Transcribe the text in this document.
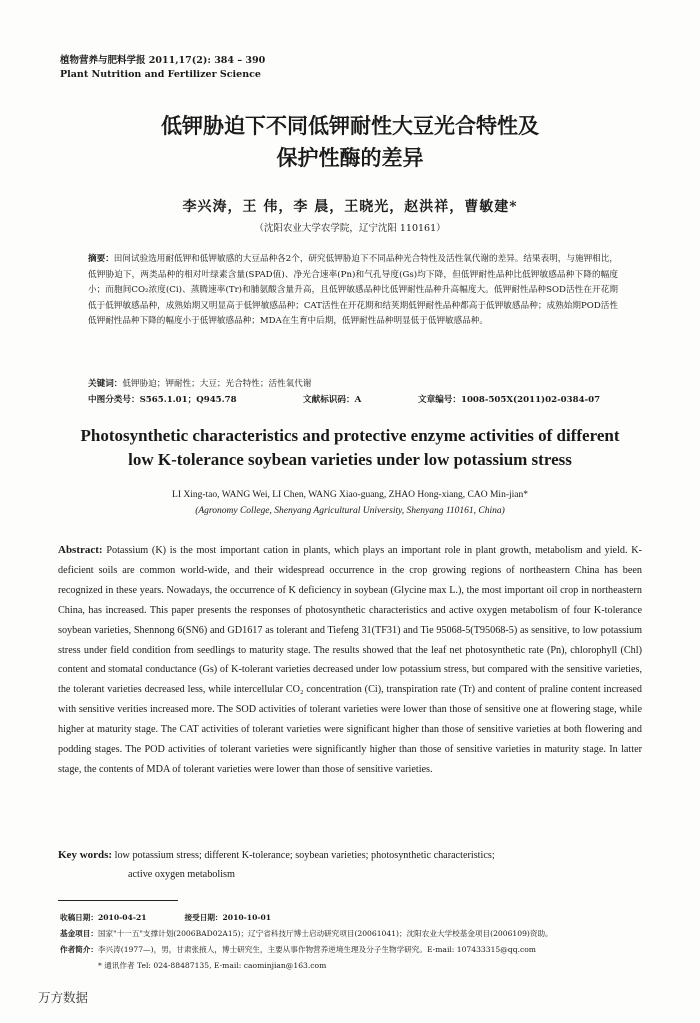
植物营养与肥料学报 2011,17(2): 384 – 390
Plant Nutrition and Fertilizer Science
低钾胁迫下不同低钾耐性大豆光合特性及
保护性酶的差异
李兴涛，王 伟，李 晨，王晓光，赵洪祥，曹敏建*
（沈阳农业大学农学院，辽宁沈阳 110161）
摘要：田间试验选用耐低钾和低钾敏感的大豆品种各2个，研究低钾胁迫下不同品种光合特性及活性氧代谢的差异。结果表明，与施钾相比，低钾胁迫下，两类品种的相对叶绿素含量(SPAD值)、净光合速率(Pn)和气孔导度(Gs)均下降，但低钾耐性品种比低钾敏感品种下降的幅度小；而胞间CO₂浓度(Ci)、蒸腾速率(Tr)和脯氨酸含量升高，且低钾敏感品种比低钾耐性品种升高幅度大。低钾耐性品种SOD活性在开花期低于低钾敏感品种，成熟始期又明显高于低钾敏感品种；CAT活性在开花期和结荚期低钾耐性品种都高于低钾敏感品种；成熟始期POD活性低钾耐性品种下降的幅度小于低钾敏感品种；MDA在生育中后期，低钾耐性品种明显低于低钾敏感品种。
关键词：低钾胁迫；钾耐性；大豆；光合特性；活性氧代谢
中图分类号：S565.1.01；Q945.78	文献标识码：A	文章编号：1008-505X(2011)02-0384-07
Photosynthetic characteristics and protective enzyme activities of different
low K-tolerance soybean varieties under low potassium stress
LI Xing-tao, WANG Wei, LI Chen, WANG Xiao-guang, ZHAO Hong-xiang, CAO Min-jian*
(Agronomy College, Shenyang Agricultural University, Shenyang 110161, China)
Abstract: Potassium (K) is the most important cation in plants, which plays an important role in plant growth, metabolism and yield. K-deficient soils are common world-wide, and their widespread occurrence in the crop growing regions of northeastern China has been recognized in these years. Nowadays, the occurrence of K deficiency in soybean (Glycine max L.), the most important oil crop in northeastern China, has increased. This paper presents the responses of photosynthetic characteristics and active oxygen metabolism of four K-tolerance soybean varieties, Shennong 6(SN6) and GD1617 as tolerant and Tiefeng 31(TF31) and Tie 95068-5(T95068-5) as sensitive, to low potassium stress under field condition from seedlings to maturity stage. The results showed that the leaf net photosynthetic rate (Pn), chlorophyll (Chl) content and stomatal conductance (Gs) of K-tolerant varieties decreased under low potassium stress, but compared with the sensitive varieties, the tolerant varieties decreased less, while intercellular CO₂ concentration (Ci), transpiration rate (Tr) and content of praline content increased with sensitive verities increased more. The SOD activities of tolerant varieties were lower than those of sensitive one at flowering stage, while higher at maturity stage. The CAT activities of tolerant varieties were significant higher than those of sensitive varieties at both flowering and podding stages. The POD activities of tolerant varieties were significantly higher than those of sensitive varieties in maturity stage. In latter stage, the contents of MDA of tolerant varieties were lower than those of sensitive varieties.
Key words: low potassium stress; different K-tolerance; soybean varieties; photosynthetic characteristics;
active oxygen metabolism
收稿日期：2010-04-21	接受日期：2010-10-01
基金项目：国家"十一五"支撑计划(2006BAD02A15)；辽宁省科技厅博士启动研究项目(20061041)；沈阳农业大学校基金项目(2006109)资助。
作者简介：李兴涛(1977—)，男，甘肃张掖人，博士研究生，主要从事作物营养逆境生理及分子生物学研究。E-mail: 107433315@qq.com
* 通讯作者 Tel: 024-88487135, E-mail: caominjian@163.com
万方数据
